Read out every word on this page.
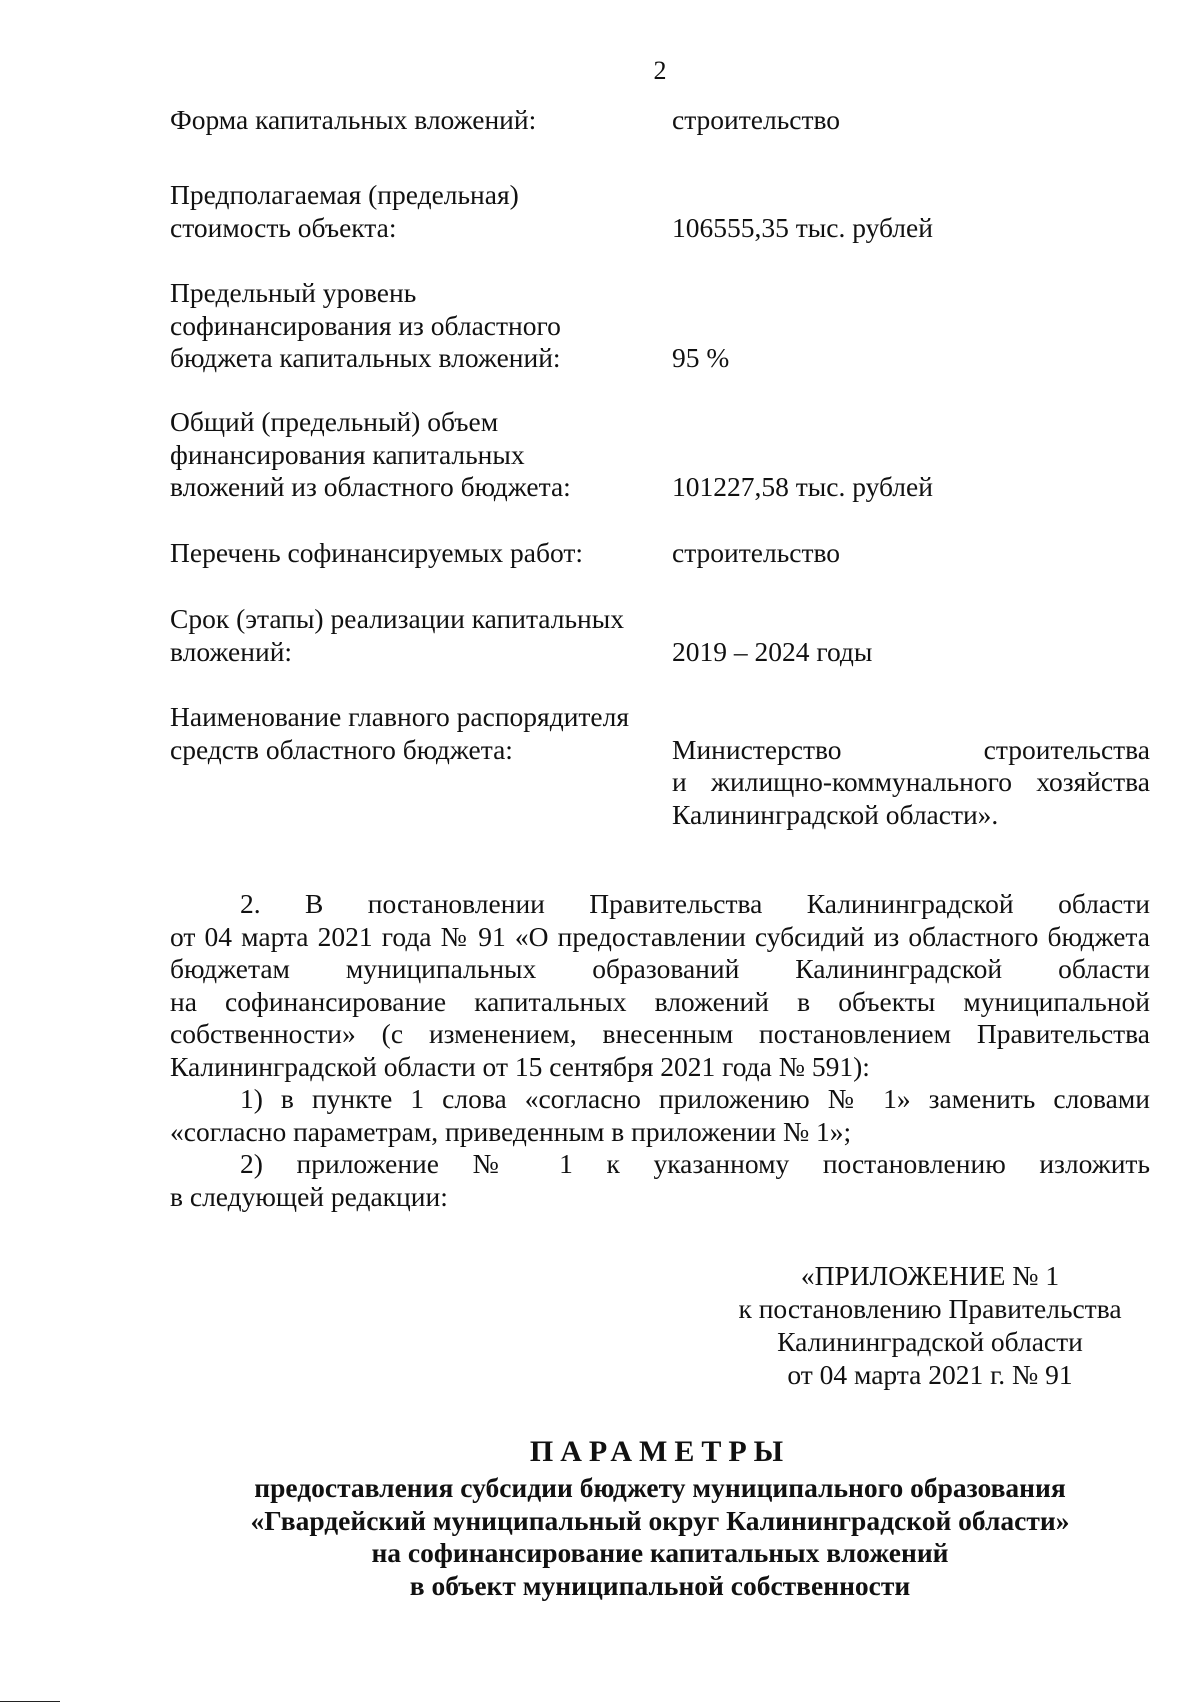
2
Форма капитальных вложений:	строительство
Предполагаемая (предельная)
стоимость объекта:	106555,35 тыс. рублей
Предельный уровень
софинансирования из областного
бюджета капитальных вложений:	95 %
Общий (предельный) объем
финансирования капитальных
вложений из областного бюджета:	101227,58 тыс. рублей
Перечень софинансируемых работ:	строительство
Срок (этапы) реализации капитальных
вложений:	2019 – 2024 годы
Наименование главного распорядителя
средств областного бюджета:	Министерство строительства
и жилищно-коммунального хозяйства
Калининградской области».
2. В постановлении Правительства Калининградской области
от 04 марта 2021 года № 91 «О предоставлении субсидий из областного бюджета
бюджетам муниципальных образований Калининградской области
на софинансирование капитальных вложений в объекты муниципальной
собственности» (с изменением, внесенным постановлением Правительства
Калининградской области от 15 сентября 2021 года № 591):
1) в пункте 1 слова «согласно приложению № 1» заменить словами
«согласно параметрам, приведенным в приложении № 1»;
2) приложение № 1 к указанному постановлению изложить
в следующей редакции:
«ПРИЛОЖЕНИЕ № 1
к постановлению Правительства
Калининградской области
от 04 марта 2021 г. № 91
ПАРАМЕТРЫ
предоставления субсидии бюджету муниципального образования
«Гвардейский муниципальный округ Калининградской области»
на софинансирование капитальных вложений
в объект муниципальной собственности
